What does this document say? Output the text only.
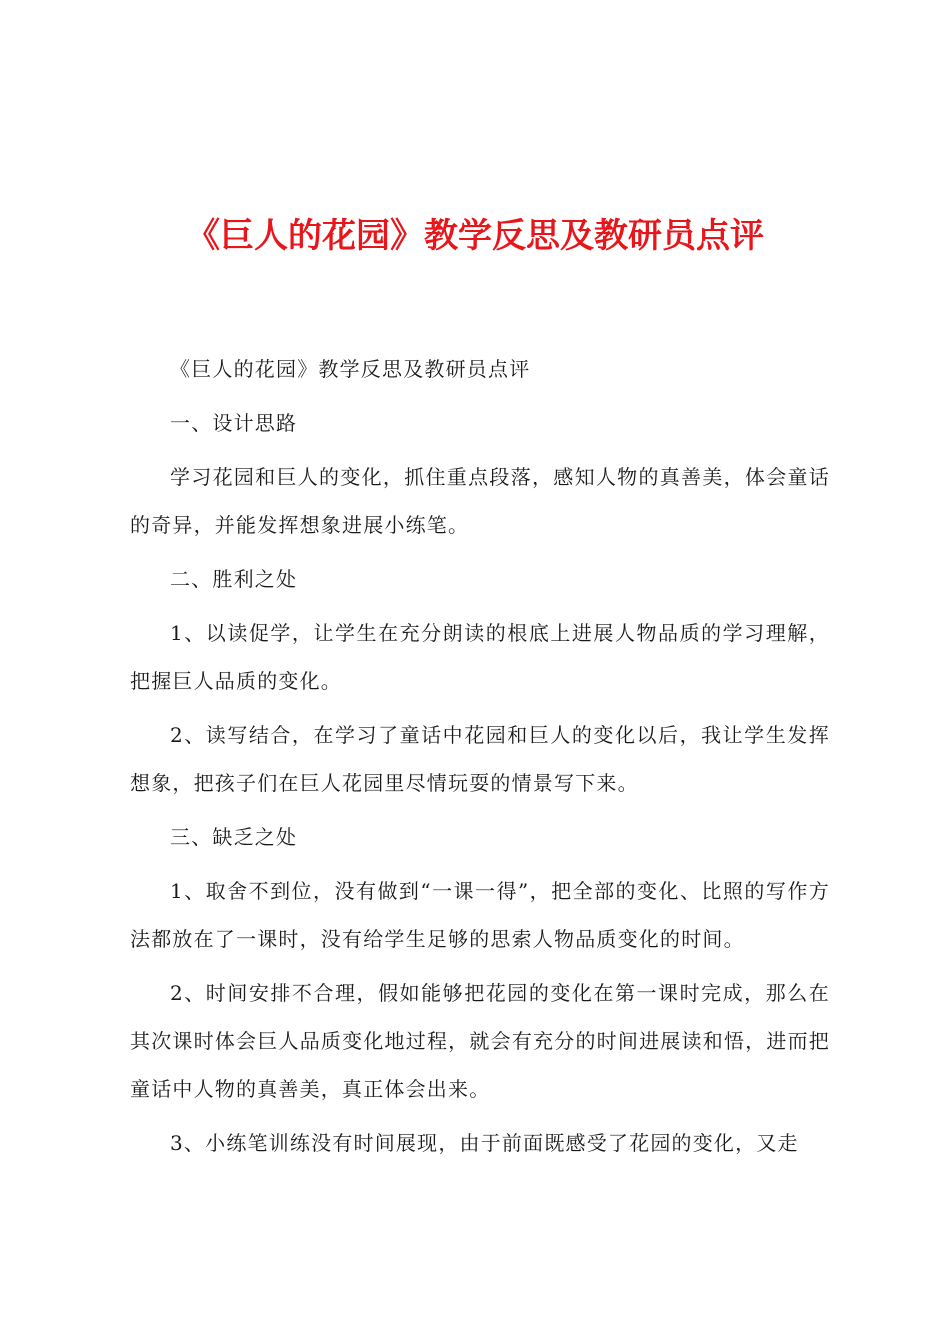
《巨人的花园》教学反思及教研员点评

《巨人的花园》教学反思及教研员点评

一、设计思路

学习花园和巨人的变化，抓住重点段落，感知人物的真善美，体会童话的奇异，并能发挥想象进展小练笔。

二、胜利之处

1、以读促学，让学生在充分朗读的根底上进展人物品质的学习理解，把握巨人品质的变化。

2、读写结合，在学习了童话中花园和巨人的变化以后，我让学生发挥想象，把孩子们在巨人花园里尽情玩耍的情景写下来。

三、缺乏之处

1、取舍不到位，没有做到“一课一得”，把全部的变化、比照的写作方法都放在了一课时，没有给学生足够的思索人物品质变化的时间。

2、时间安排不合理，假如能够把花园的变化在第一课时完成，那么在其次课时体会巨人品质变化地过程，就会有充分的时间进展读和悟，进而把童话中人物的真善美，真正体会出来。

3、小练笔训练没有时间展现，由于前面既感受了花园的变化，又走
